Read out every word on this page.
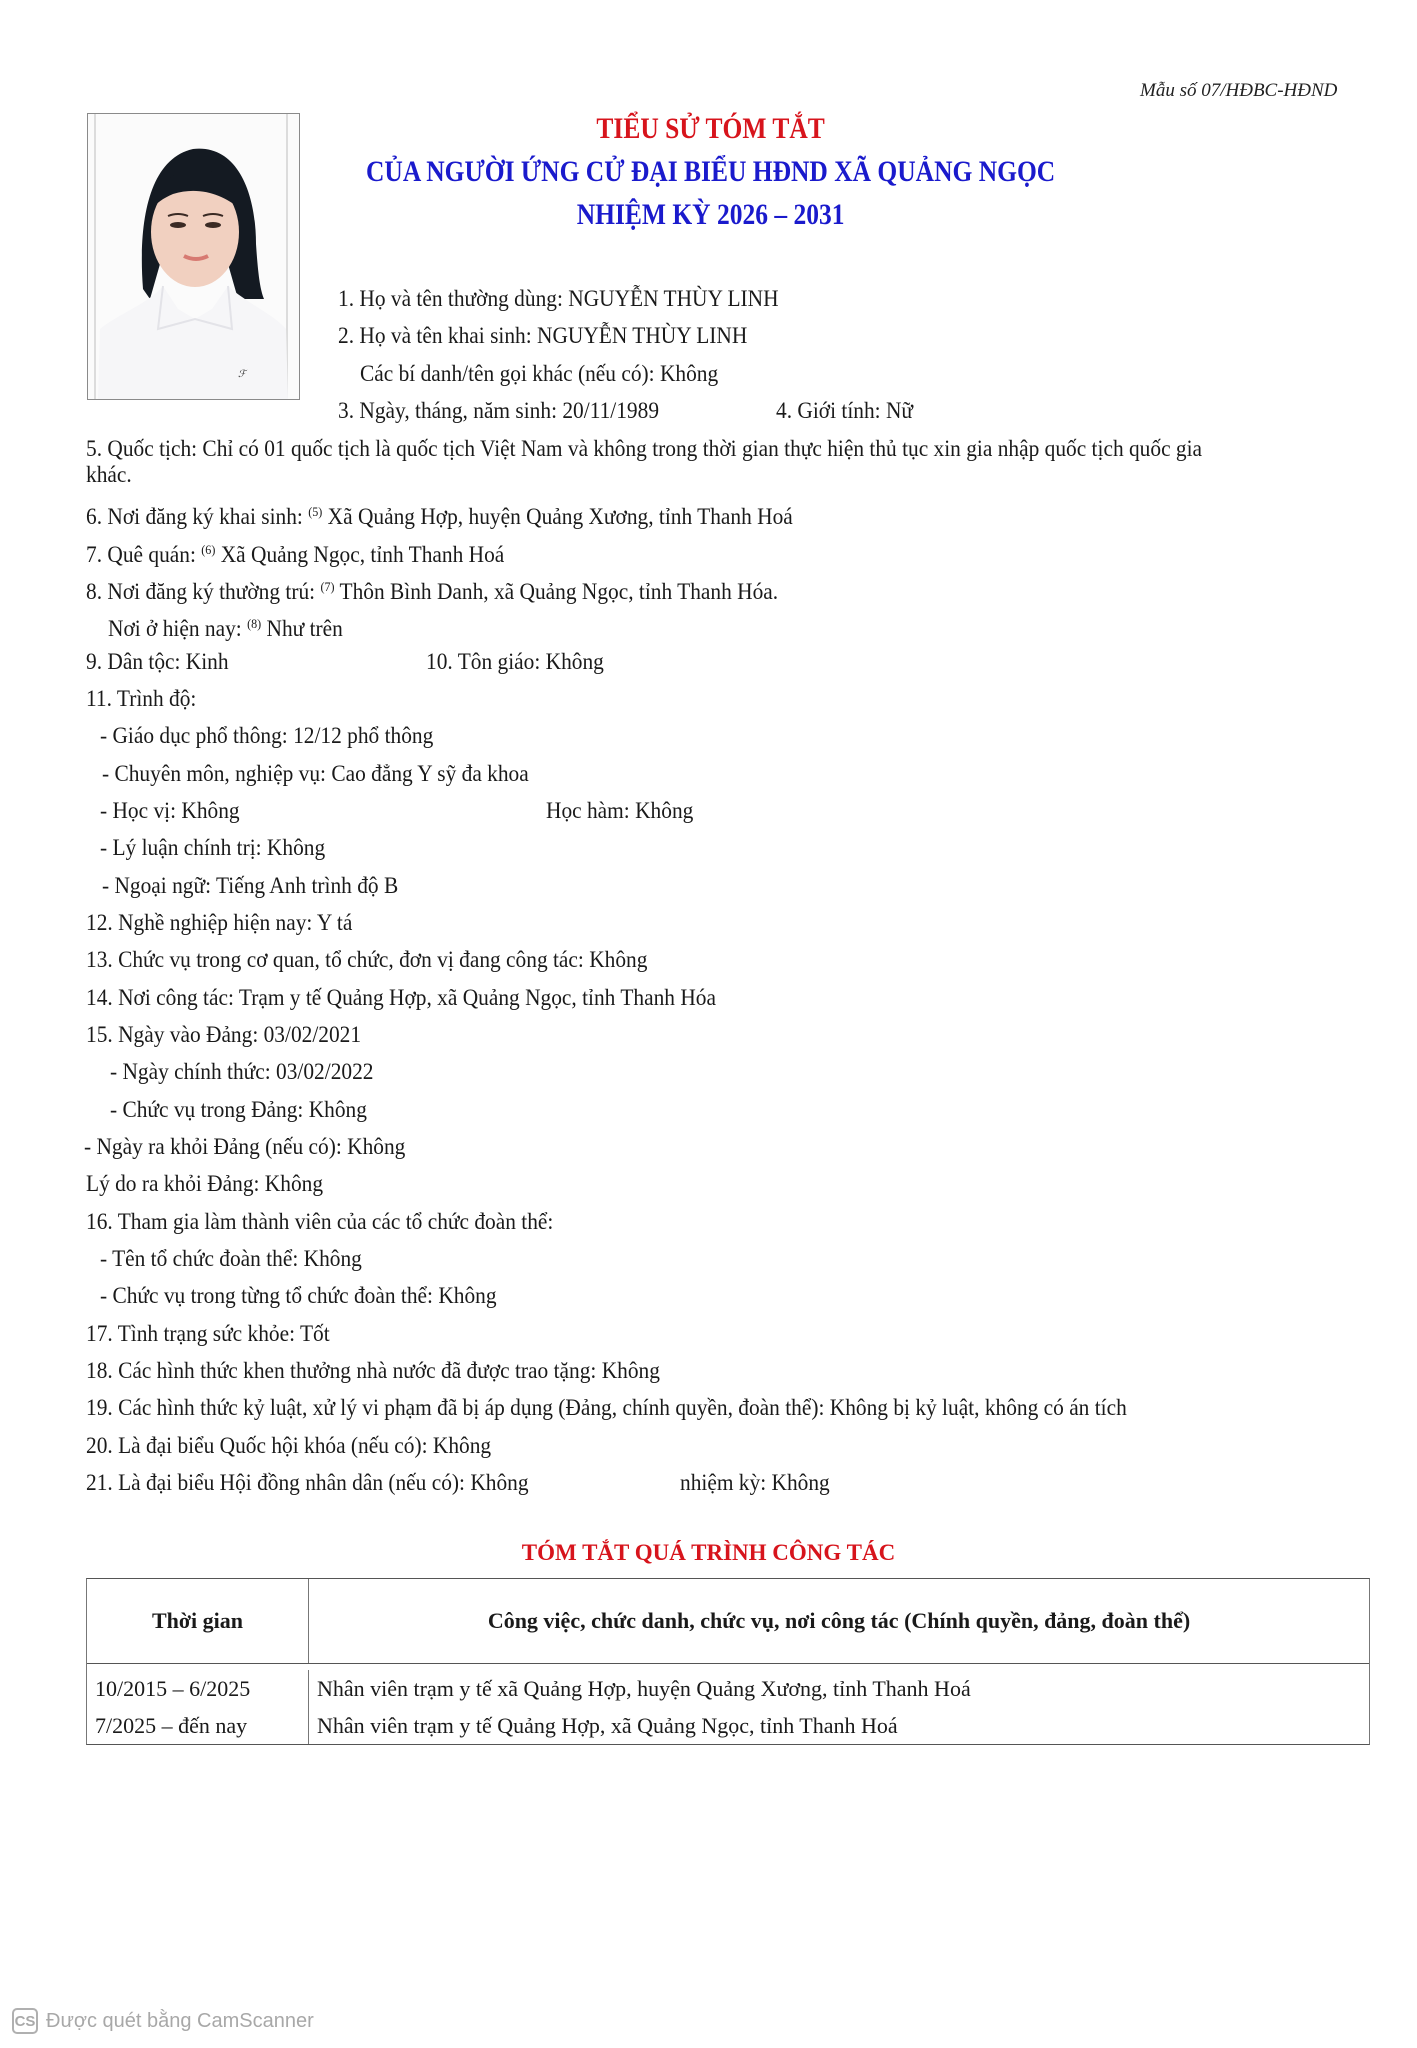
Mẫu số 07/HĐBC-HĐND
TIỂU SỬ TÓM TẮT
CỦA NGƯỜI ỨNG CỬ ĐẠI BIỂU HĐND XÃ QUẢNG NGỌC
NHIỆM KỲ 2026 – 2031
ℱ
1. Họ và tên thường dùng: NGUYỄN THÙY LINH
2. Họ và tên khai sinh: NGUYỄN THÙY LINH
Các bí danh/tên gọi khác (nếu có): Không
3. Ngày, tháng, năm sinh: 20/11/1989	4. Giới tính: Nữ
5. Quốc tịch: Chỉ có 01 quốc tịch là quốc tịch Việt Nam và không trong thời gian thực hiện thủ tục xin gia nhập quốc tịch quốc gia
khác.
6. Nơi đăng ký khai sinh: $^{(5)}$ Xã Quảng Hợp, huyện Quảng Xương, tỉnh Thanh Hoá
7. Quê quán: $^{(6)}$ Xã Quảng Ngọc, tỉnh Thanh Hoá
8. Nơi đăng ký thường trú: $^{(7)}$ Thôn Bình Danh, xã Quảng Ngọc, tỉnh Thanh Hóa.
Nơi ở hiện nay: $^{(8)}$ Như trên
9. Dân tộc: Kinh	10. Tôn giáo: Không
11. Trình độ:
- Giáo dục phổ thông: 12/12 phổ thông
- Chuyên môn, nghiệp vụ: Cao đẳng Y sỹ đa khoa
- Học vị: Không	Học hàm: Không
- Lý luận chính trị: Không
- Ngoại ngữ: Tiếng Anh trình độ B
12. Nghề nghiệp hiện nay: Y tá
13. Chức vụ trong cơ quan, tổ chức, đơn vị đang công tác: Không
14. Nơi công tác: Trạm y tế Quảng Hợp, xã Quảng Ngọc, tỉnh Thanh Hóa
15. Ngày vào Đảng: 03/02/2021
- Ngày chính thức: 03/02/2022
- Chức vụ trong Đảng: Không
- Ngày ra khỏi Đảng (nếu có): Không
Lý do ra khỏi Đảng: Không
16. Tham gia làm thành viên của các tổ chức đoàn thể:
- Tên tổ chức đoàn thể: Không
- Chức vụ trong từng tổ chức đoàn thể: Không
17. Tình trạng sức khỏe: Tốt
18. Các hình thức khen thưởng nhà nước đã được trao tặng: Không
19. Các hình thức kỷ luật, xử lý vi phạm đã bị áp dụng (Đảng, chính quyền, đoàn thể): Không bị kỷ luật, không có án tích
20. Là đại biểu Quốc hội khóa (nếu có): Không
21. Là đại biểu Hội đồng nhân dân (nếu có): Không	nhiệm kỳ: Không
TÓM TẮT QUÁ TRÌNH CÔNG TÁC
Thời gian	Công việc, chức danh, chức vụ, nơi công tác (Chính quyền, đảng, đoàn thể)
10/2015 – 6/2025	Nhân viên trạm y tế xã Quảng Hợp, huyện Quảng Xương, tỉnh Thanh Hoá
7/2025 – đến nay	Nhân viên trạm y tế Quảng Hợp, xã Quảng Ngọc, tỉnh Thanh Hoá
CS Được quét bằng CamScanner
